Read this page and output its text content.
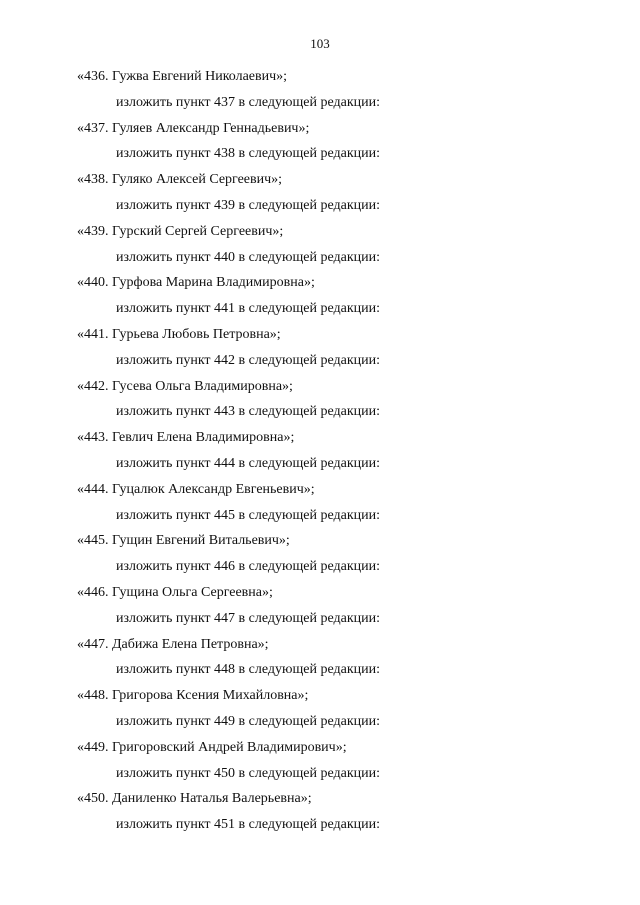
103
«436. Гужва Евгений Николаевич»;
изложить пункт 437 в следующей редакции:
«437. Гуляев Александр Геннадьевич»;
изложить пункт 438 в следующей редакции:
«438. Гуляко Алексей Сергеевич»;
изложить пункт 439 в следующей редакции:
«439. Гурский Сергей Сергеевич»;
изложить пункт 440 в следующей редакции:
«440. Гурфова Марина Владимировна»;
изложить пункт 441 в следующей редакции:
«441. Гурьева Любовь Петровна»;
изложить пункт 442 в следующей редакции:
«442. Гусева Ольга Владимировна»;
изложить пункт 443 в следующей редакции:
«443. Гевлич Елена Владимировна»;
изложить пункт 444 в следующей редакции:
«444. Гуцалюк Александр Евгеньевич»;
изложить пункт 445 в следующей редакции:
«445. Гущин Евгений Витальевич»;
изложить пункт 446 в следующей редакции:
«446. Гущина Ольга Сергеевна»;
изложить пункт 447 в следующей редакции:
«447. Дабижа Елена Петровна»;
изложить пункт 448 в следующей редакции:
«448. Григорова Ксения Михайловна»;
изложить пункт 449 в следующей редакции:
«449. Григоровский Андрей Владимирович»;
изложить пункт 450 в следующей редакции:
«450. Даниленко Наталья Валерьевна»;
изложить пункт 451 в следующей редакции:
